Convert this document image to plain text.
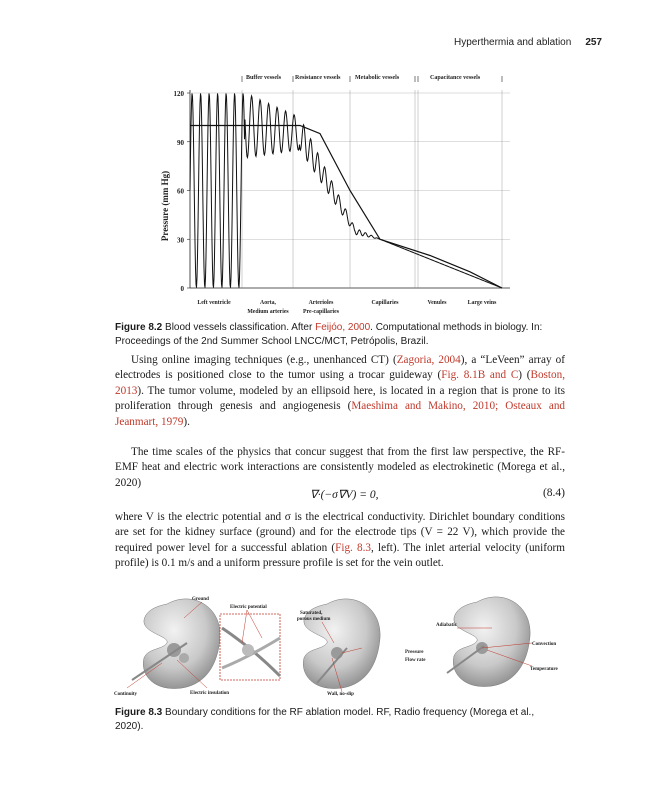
Hyperthermia and ablation 257
Buffer vessels Resistance vessels Metabolic vessels	Capacitance vessels
0
30
60
90
120
Pressure (mm Hg)
Left ventricle	Aorta,	Arterioles	Capillaries	Venules	Large veins
Medium arteries Pre-capillaries
Figure 8.2 Blood vessels classification. After Feijóo, 2000. Computational methods in biology. In: Proceedings of the 2nd Summer School LNCC/MCT, Petrópolis, Brazil.

Using online imaging techniques (e.g., unenhanced CT) (Zagoria, 2004), a “LeVeen” array of electrodes is positioned close to the tumor using a trocar guideway (Fig. 8.1B and C) (Boston, 2013). The tumor volume, modeled by an ellipsoid here, is located in a region that is prone to its proliferation through genesis and angiogenesis (Maeshima and Makino, 2010; Osteaux and Jeanmart, 1979).

The time scales of the physics that concur suggest that from the first law perspective, the RF-EMF heat and electric work interactions are consistently modeled as electrokinetic (Morega et al., 2020)

∇·(−σ∇V) = 0,	(8.4)

where V is the electric potential and σ is the electrical conductivity. Dirichlet boundary conditions are set for the kidney surface (ground) and for the electrode tips (V = 22 V), which provide the required power level for a successful ablation (Fig. 8.3, left). The inlet arterial velocity (uniform profile) is 0.1 m/s and a uniform pressure profile is set for the vein outlet.

Ground
Electric potential
Saturated,
porous medium
Adiabatic
Convection
Pressure
Flow rate
Temperature
Continuity	Electric insulation	Wall, no-slip
Figure 8.3 Boundary conditions for the RF ablation model. RF, Radio frequency (Morega et al., 2020).
